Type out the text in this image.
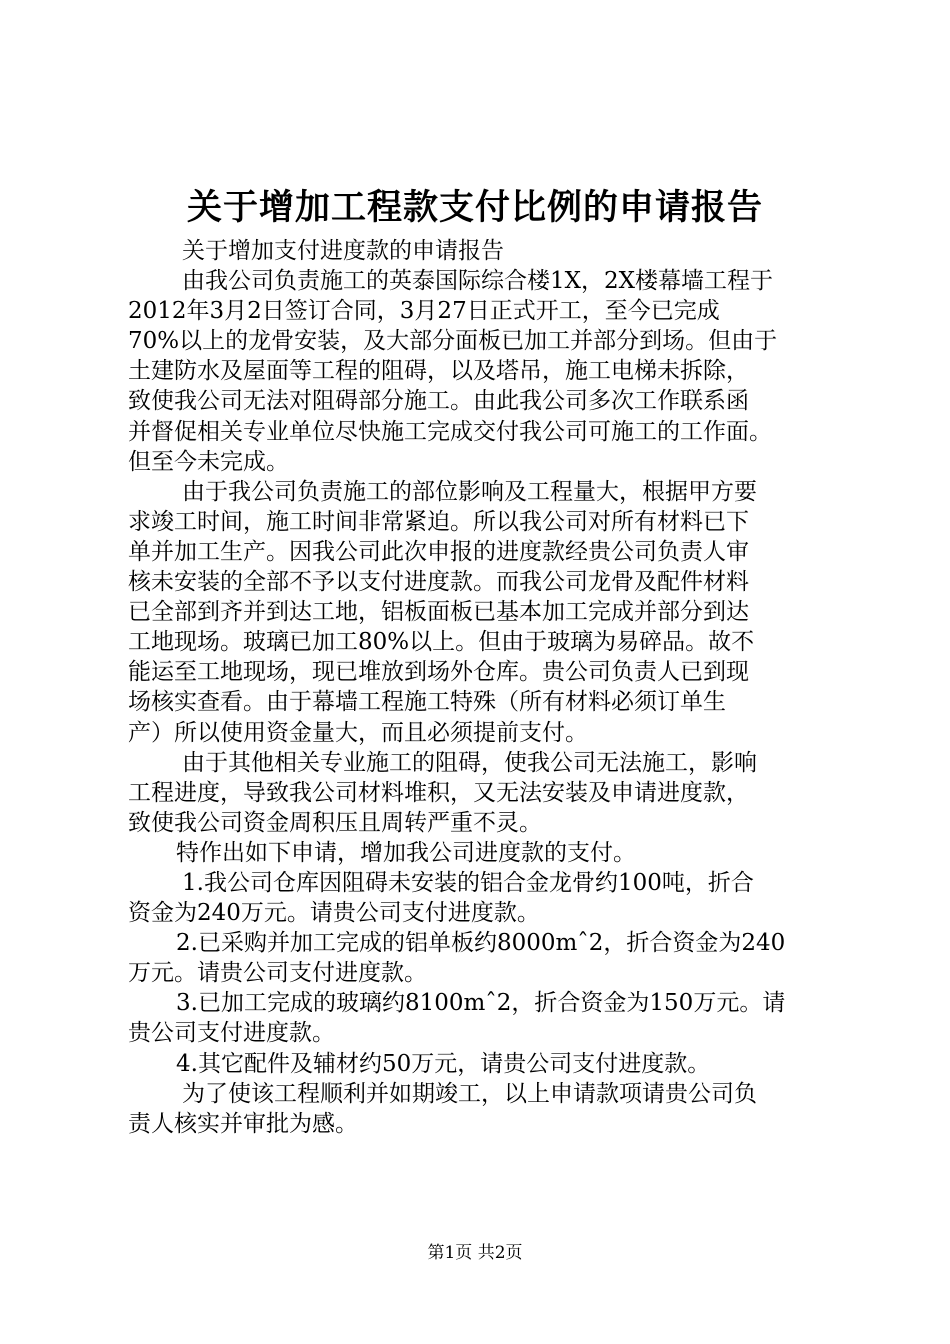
关于增加工程款支付比例的申请报告
关于增加支付进度款的申请报告
由我公司负责施工的英泰国际综合楼1X，2X楼幕墙工程于
2012年3月2日签订合同，3月27日正式开工，至今已完成
70%以上的龙骨安装，及大部分面板已加工并部分到场。但由于
土建防水及屋面等工程的阻碍，以及塔吊，施工电梯未拆除，
致使我公司无法对阻碍部分施工。由此我公司多次工作联系函
并督促相关专业单位尽快施工完成交付我公司可施工的工作面。
但至今未完成。
由于我公司负责施工的部位影响及工程量大，根据甲方要
求竣工时间，施工时间非常紧迫。所以我公司对所有材料已下
单并加工生产。因我公司此次申报的进度款经贵公司负责人审
核未安装的全部不予以支付进度款。而我公司龙骨及配件材料
已全部到齐并到达工地，铝板面板已基本加工完成并部分到达
工地现场。玻璃已加工80%以上。但由于玻璃为易碎品。故不
能运至工地现场，现已堆放到场外仓库。贵公司负责人已到现
场核实查看。由于幕墙工程施工特殊（所有材料必须订单生
产）所以使用资金量大，而且必须提前支付。
由于其他相关专业施工的阻碍，使我公司无法施工，影响
工程进度，导致我公司材料堆积，又无法安装及申请进度款，
致使我公司资金周积压且周转严重不灵。
特作出如下申请，增加我公司进度款的支付。
1.我公司仓库因阻碍未安装的铝合金龙骨约100吨，折合
资金为240万元。请贵公司支付进度款。
2.已采购并加工完成的铝单板约8000mˆ2，折合资金为240
万元。请贵公司支付进度款。
3.已加工完成的玻璃约8100mˆ2，折合资金为150万元。请
贵公司支付进度款。
4.其它配件及辅材约50万元，请贵公司支付进度款。
为了使该工程顺利并如期竣工，以上申请款项请贵公司负
责人核实并审批为感。
第1页 共2页
